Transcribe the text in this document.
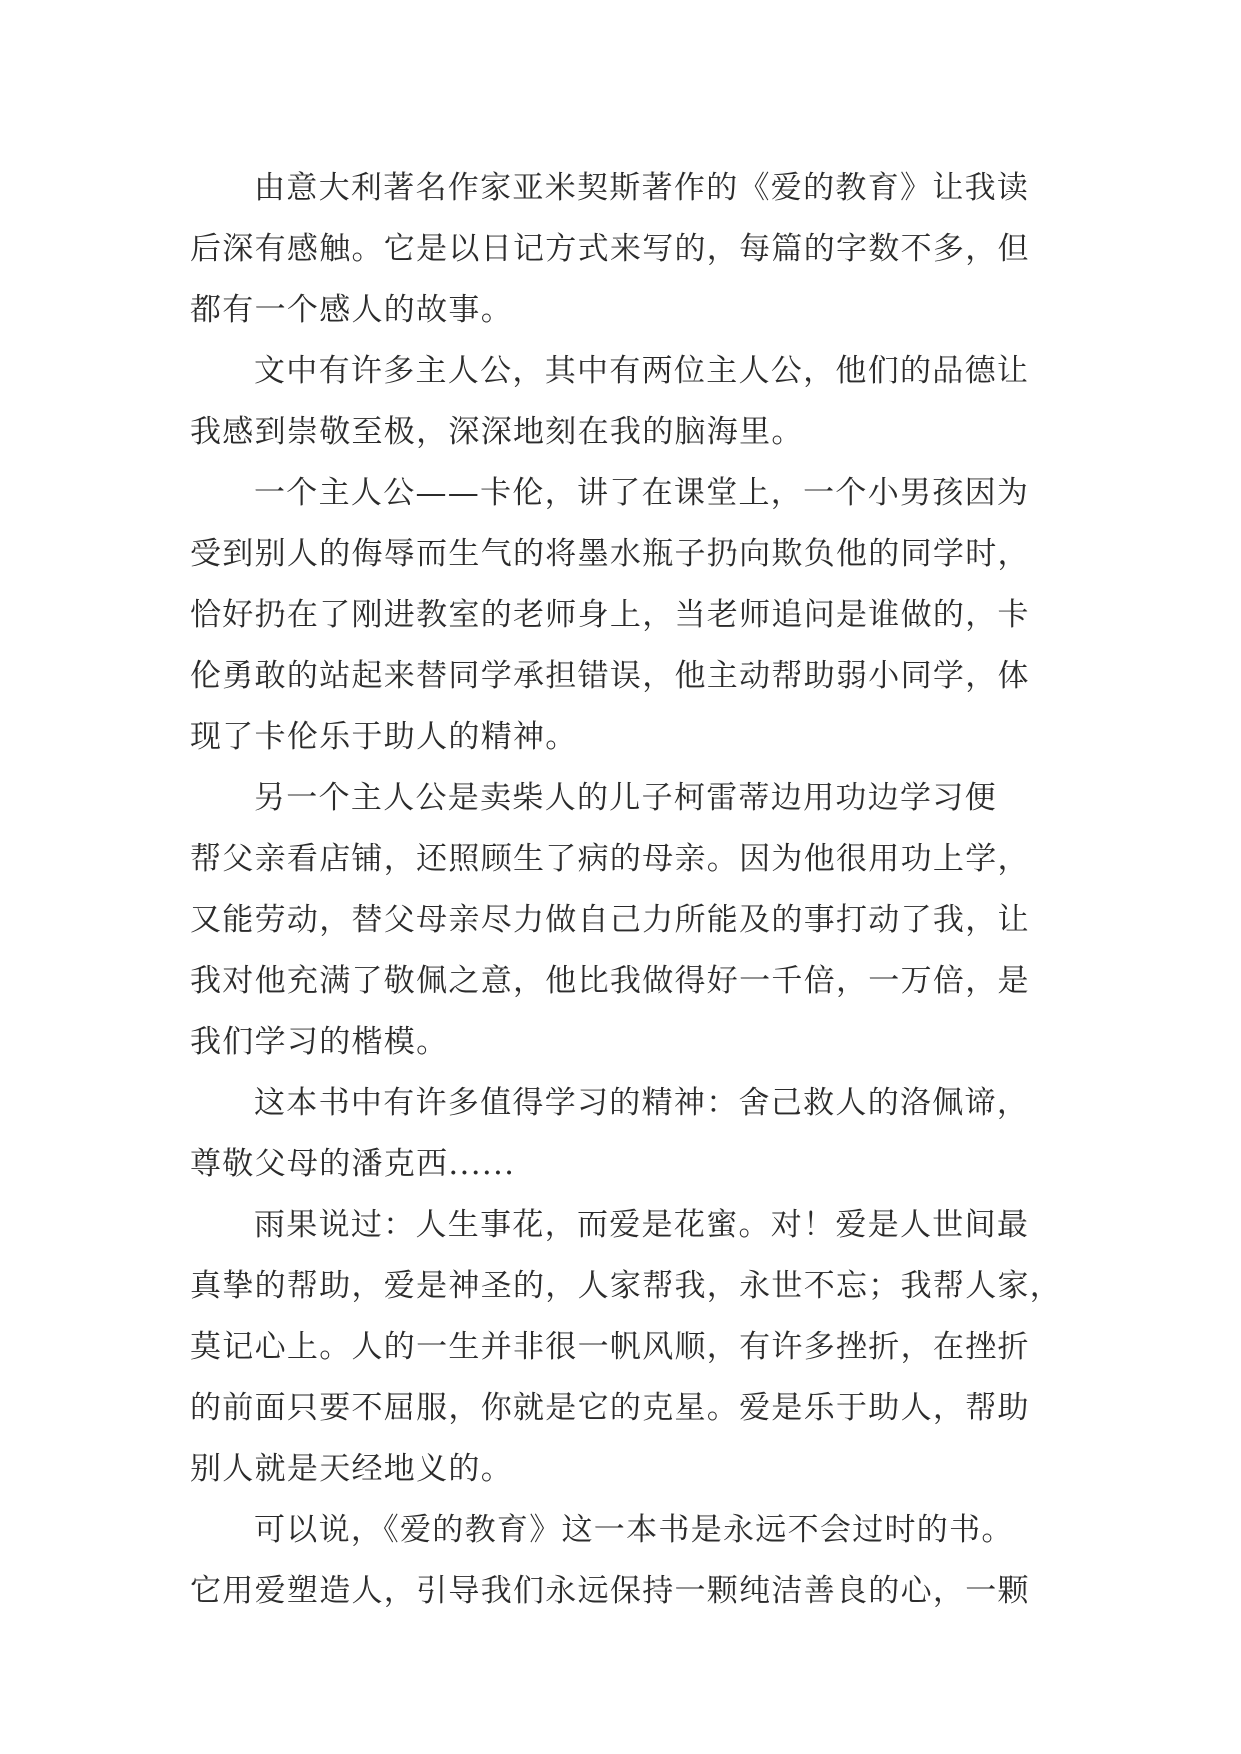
由意大利著名作家亚米契斯著作的《爱的教育》让我读
后深有感触。它是以日记方式来写的，每篇的字数不多，但
都有一个感人的故事。
文中有许多主人公，其中有两位主人公，他们的品德让
我感到崇敬至极，深深地刻在我的脑海里。
一个主人公——卡伦，讲了在课堂上，一个小男孩因为
受到别人的侮辱而生气的将墨水瓶子扔向欺负他的同学时，
恰好扔在了刚进教室的老师身上，当老师追问是谁做的，卡
伦勇敢的站起来替同学承担错误，他主动帮助弱小同学，体
现了卡伦乐于助人的精神。
另一个主人公是卖柴人的儿子柯雷蒂边用功边学习便
帮父亲看店铺，还照顾生了病的母亲。因为他很用功上学，
又能劳动，替父母亲尽力做自己力所能及的事打动了我，让
我对他充满了敬佩之意，他比我做得好一千倍，一万倍，是
我们学习的楷模。
这本书中有许多值得学习的精神：舍己救人的洛佩谛，
尊敬父母的潘克西......
雨果说过：人生事花，而爱是花蜜。对！爱是人世间最
真挚的帮助，爱是神圣的，人家帮我，永世不忘；我帮人家，
莫记心上。人的一生并非很一帆风顺，有许多挫折，在挫折
的前面只要不屈服，你就是它的克星。爱是乐于助人，帮助
别人就是天经地义的。
可以说，《爱的教育》这一本书是永远不会过时的书。
它用爱塑造人，引导我们永远保持一颗纯洁善良的心，一颗
